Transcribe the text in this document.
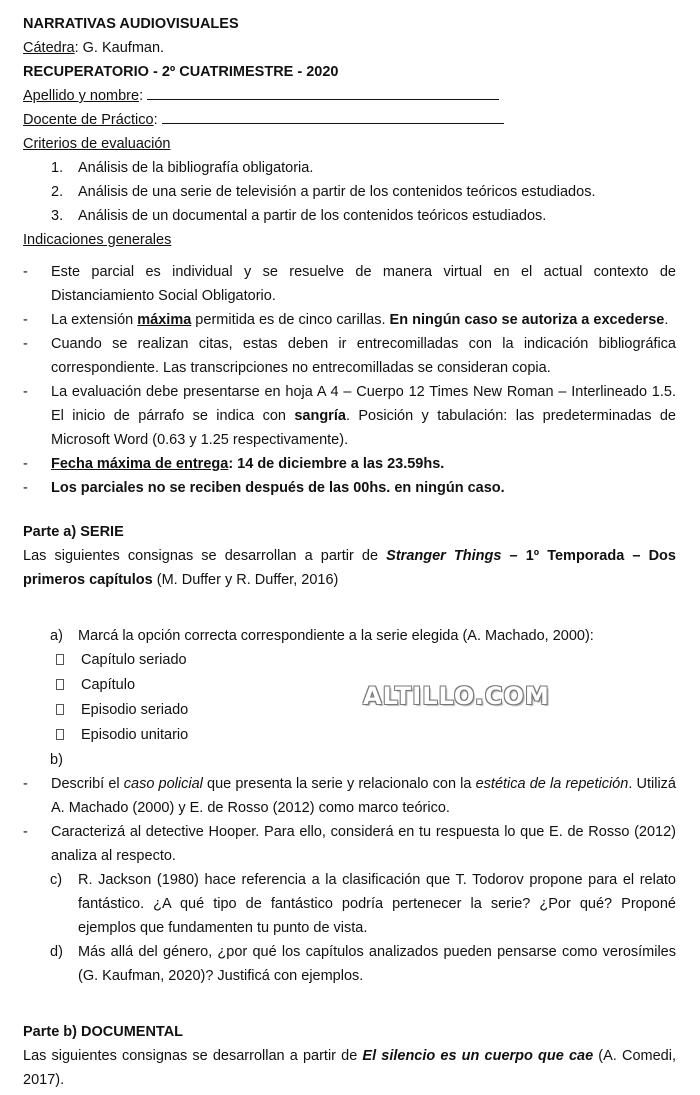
NARRATIVAS AUDIOVISUALES
Cátedra: G. Kaufman.
RECUPERATORIO - 2º CUATRIMESTRE - 2020
Apellido y nombre:
Docente de Práctico:
Criterios de evaluación
1. Análisis de la bibliografía obligatoria.
2. Análisis de una serie de televisión a partir de los contenidos teóricos estudiados.
3. Análisis de un documental a partir de los contenidos teóricos estudiados.
Indicaciones generales
- Este parcial es individual y se resuelve de manera virtual en el actual contexto de Distanciamiento Social Obligatorio.
- La extensión máxima permitida es de cinco carillas. En ningún caso se autoriza a excederse.
- Cuando se realizan citas, estas deben ir entrecomilladas con la indicación bibliográfica correspondiente. Las transcripciones no entrecomilladas se consideran copia.
- La evaluación debe presentarse en hoja A 4 – Cuerpo 12 Times New Roman – Interlineado 1.5. El inicio de párrafo se indica con sangría. Posición y tabulación: las predeterminadas de Microsoft Word (0.63 y 1.25 respectivamente).
- Fecha máxima de entrega: 14 de diciembre a las 23.59hs.
- Los parciales no se reciben después de las 00hs. en ningún caso.
Parte a) SERIE
Las siguientes consignas se desarrollan a partir de Stranger Things – 1º Temporada – Dos primeros capítulos (M. Duffer y R. Duffer, 2016)
a) Marcá la opción correcta correspondiente a la serie elegida (A. Machado, 2000):
Capítulo seriado
Capítulo
Episodio seriado
Episodio unitario
b)
- Describí el caso policial que presenta la serie y relacionalo con la estética de la repetición. Utilizá A. Machado (2000) y E. de Rosso (2012) como marco teórico.
- Caracterizá al detective Hooper. Para ello, considerá en tu respuesta lo que E. de Rosso (2012) analiza al respecto.
c) R. Jackson (1980) hace referencia a la clasificación que T. Todorov propone para el relato fantástico. ¿A qué tipo de fantástico podría pertenecer la serie? ¿Por qué? Proponé ejemplos que fundamenten tu punto de vista.
d) Más allá del género, ¿por qué los capítulos analizados pueden pensarse como verosímiles (G. Kaufman, 2020)? Justificá con ejemplos.
Parte b) DOCUMENTAL
Las siguientes consignas se desarrollan a partir de El silencio es un cuerpo que cae (A. Comedi, 2017).
ALTILLO.COM
